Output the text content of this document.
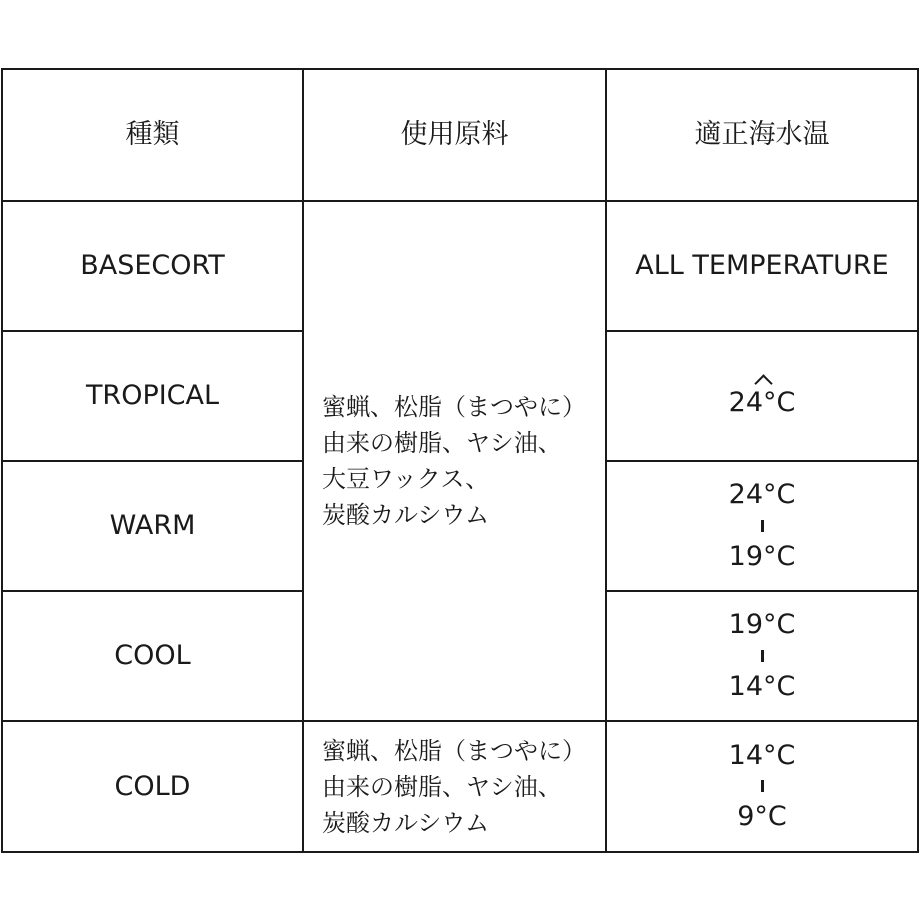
種類	使用原料	適正海水温
BASECORT	蜜蝋、松脂（まつやに）
由来の樹脂、ヤシ油、
大豆ワックス、
炭酸カルシウム	ALL TEMPERATURE
TROPICAL		24°C

WARM		24°C
19°C

COOL		19°C
14°C

COLD	蜜蝋、松脂（まつやに）
由来の樹脂、ヤシ油、
炭酸カルシウム	14°C
9°C
